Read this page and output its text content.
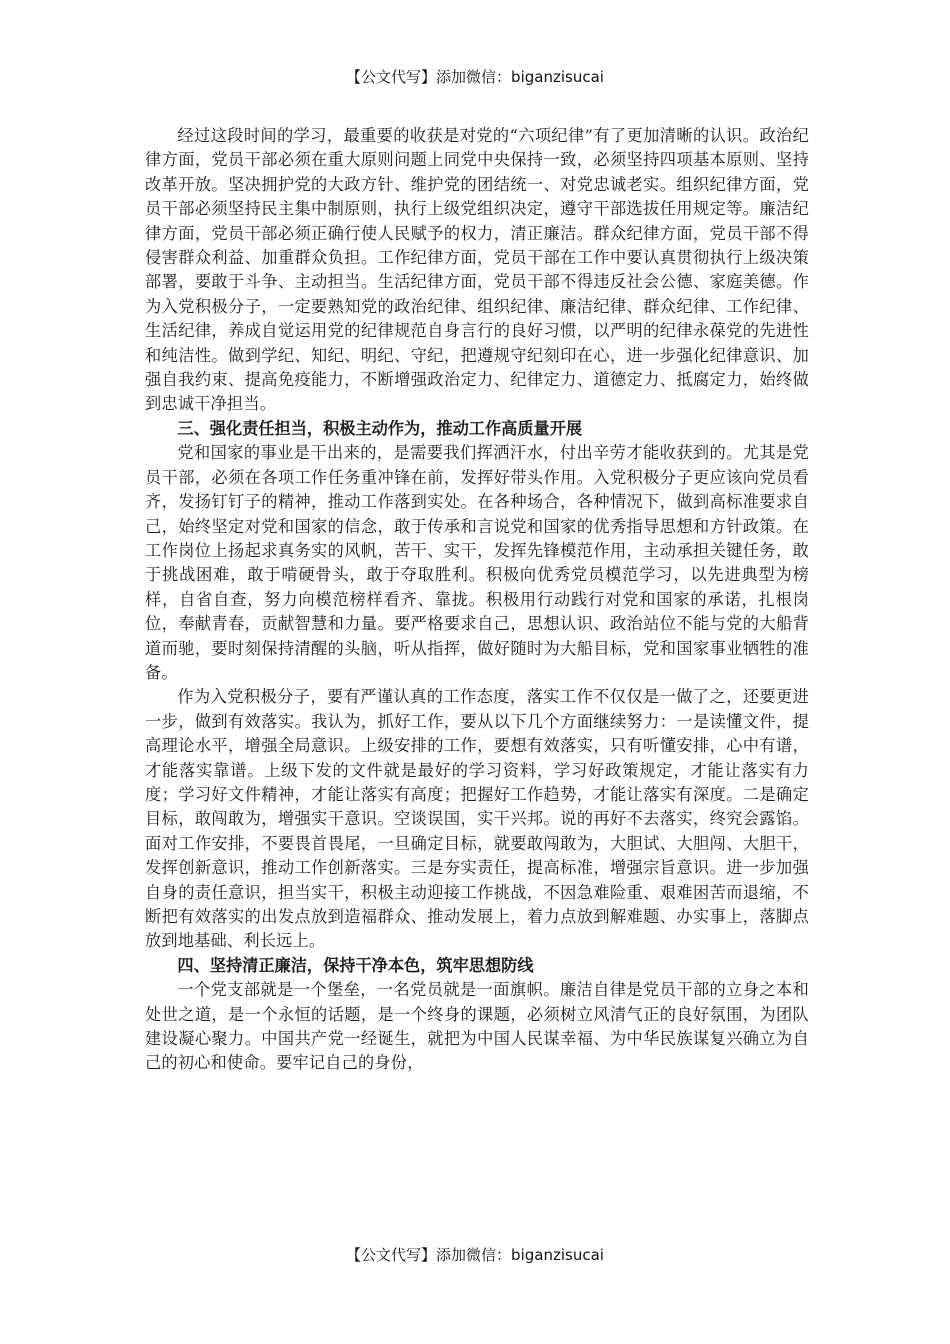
【公文代写】添加微信：biganzisucai

经过这段时间的学习，最重要的收获是对党的“六项纪律”有了更加清晰的认识。政治纪律方面，党员干部必须在重大原则问题上同党中央保持一致，必须坚持四项基本原则、坚持改革开放。坚决拥护党的大政方针、维护党的团结统一、对党忠诚老实。组织纪律方面，党员干部必须坚持民主集中制原则，执行上级党组织决定，遵守干部选拔任用规定等。廉洁纪律方面，党员干部必须正确行使人民赋予的权力，清正廉洁。群众纪律方面，党员干部不得侵害群众利益、加重群众负担。工作纪律方面，党员干部在工作中要认真贯彻执行上级决策部署，要敢于斗争、主动担当。生活纪律方面，党员干部不得违反社会公德、家庭美德。作为入党积极分子，一定要熟知党的政治纪律、组织纪律、廉洁纪律、群众纪律、工作纪律、生活纪律，养成自觉运用党的纪律规范自身言行的良好习惯，以严明的纪律永葆党的先进性和纯洁性。做到学纪、知纪、明纪、守纪，把遵规守纪刻印在心，进一步强化纪律意识、加强自我约束、提高免疫能力，不断增强政治定力、纪律定力、道德定力、抵腐定力，始终做到忠诚干净担当。

三、强化责任担当，积极主动作为，推动工作高质量开展

党和国家的事业是干出来的，是需要我们挥洒汗水，付出辛劳才能收获到的。尤其是党员干部，必须在各项工作任务重冲锋在前，发挥好带头作用。入党积极分子更应该向党员看齐，发扬钉钉子的精神，推动工作落到实处。在各种场合，各种情况下，做到高标准要求自己，始终坚定对党和国家的信念，敢于传承和言说党和国家的优秀指导思想和方针政策。在工作岗位上扬起求真务实的风帆，苦干、实干，发挥先锋模范作用，主动承担关键任务，敢于挑战困难，敢于啃硬骨头，敢于夺取胜利。积极向优秀党员模范学习，以先进典型为榜样，自省自查，努力向模范榜样看齐、靠拢。积极用行动践行对党和国家的承诺，扎根岗位，奉献青春，贡献智慧和力量。要严格要求自己，思想认识、政治站位不能与党的大船背道而驰，要时刻保持清醒的头脑，听从指挥，做好随时为大船目标，党和国家事业牺牲的准备。

作为入党积极分子，要有严谨认真的工作态度，落实工作不仅仅是一做了之，还要更进一步，做到有效落实。我认为，抓好工作，要从以下几个方面继续努力：一是读懂文件，提高理论水平，增强全局意识。上级安排的工作，要想有效落实，只有听懂安排，心中有谱，才能落实靠谱。上级下发的文件就是最好的学习资料，学习好政策规定，才能让落实有力度；学习好文件精神，才能让落实有高度；把握好工作趋势，才能让落实有深度。二是确定目标，敢闯敢为，增强实干意识。空谈误国，实干兴邦。说的再好不去落实，终究会露馅。面对工作安排，不要畏首畏尾，一旦确定目标，就要敢闯敢为，大胆试、大胆闯、大胆干，发挥创新意识，推动工作创新落实。三是夯实责任，提高标准，增强宗旨意识。进一步加强自身的责任意识，担当实干，积极主动迎接工作挑战，不因急难险重、艰难困苦而退缩，不断把有效落实的出发点放到造福群众、推动发展上，着力点放到解难题、办实事上，落脚点放到地基础、利长远上。

四、坚持清正廉洁，保持干净本色，筑牢思想防线

一个党支部就是一个堡垒，一名党员就是一面旗帜。廉洁自律是党员干部的立身之本和处世之道，是一个永恒的话题，是一个终身的课题，必须树立风清气正的良好氛围，为团队建设凝心聚力。中国共产党一经诞生，就把为中国人民谋幸福、为中华民族谋复兴确立为自己的初心和使命。要牢记自己的身份，

【公文代写】添加微信：biganzisucai
